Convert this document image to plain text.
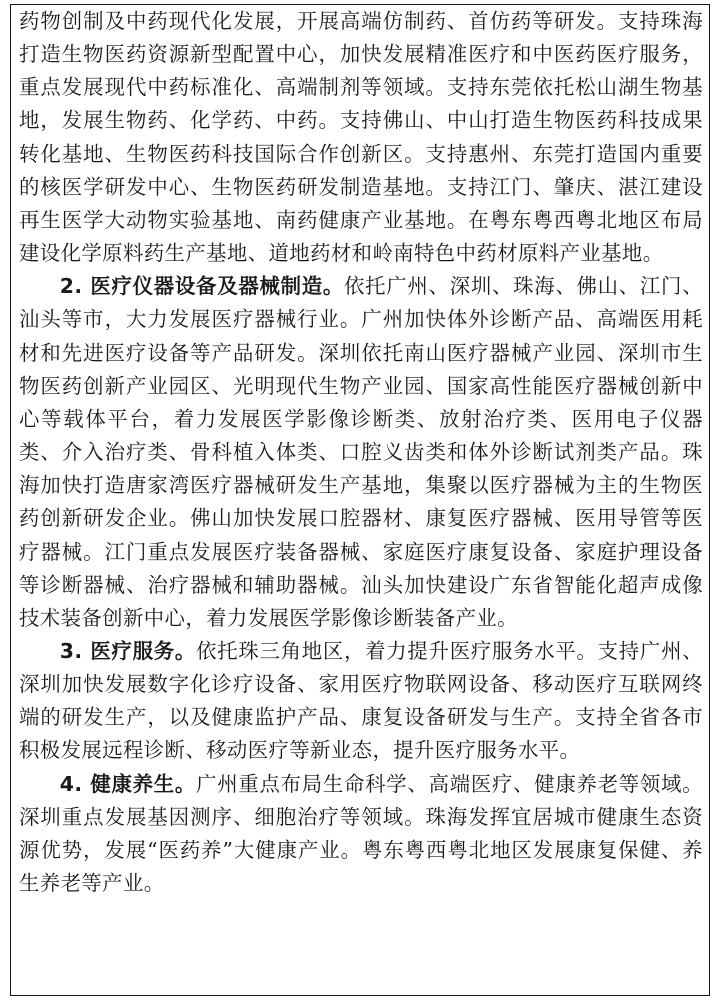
药物创制及中药现代化发展，开展高端仿制药、首仿药等研发。支持珠海打造生物医药资源新型配置中心，加快发展精准医疗和中医药医疗服务，重点发展现代中药标准化、高端制剂等领域。支持东莞依托松山湖生物基地，发展生物药、化学药、中药。支持佛山、中山打造生物医药科技成果转化基地、生物医药科技国际合作创新区。支持惠州、东莞打造国内重要的核医学研发中心、生物医药研发制造基地。支持江门、肇庆、湛江建设再生医学大动物实验基地、南药健康产业基地。在粤东粤西粤北地区布局建设化学原料药生产基地、道地药材和岭南特色中药材原料产业基地。

2. 医疗仪器设备及器械制造。依托广州、深圳、珠海、佛山、江门、汕头等市，大力发展医疗器械行业。广州加快体外诊断产品、高端医用耗材和先进医疗设备等产品研发。深圳依托南山医疗器械产业园、深圳市生物医药创新产业园区、光明现代生物产业园、国家高性能医疗器械创新中心等载体平台，着力发展医学影像诊断类、放射治疗类、医用电子仪器类、介入治疗类、骨科植入体类、口腔义齿类和体外诊断试剂类产品。珠海加快打造唐家湾医疗器械研发生产基地，集聚以医疗器械为主的生物医药创新研发企业。佛山加快发展口腔器材、康复医疗器械、医用导管等医疗器械。江门重点发展医疗装备器械、家庭医疗康复设备、家庭护理设备等诊断器械、治疗器械和辅助器械。汕头加快建设广东省智能化超声成像技术装备创新中心，着力发展医学影像诊断装备产业。

3. 医疗服务。依托珠三角地区，着力提升医疗服务水平。支持广州、深圳加快发展数字化诊疗设备、家用医疗物联网设备、移动医疗互联网终端的研发生产，以及健康监护产品、康复设备研发与生产。支持全省各市积极发展远程诊断、移动医疗等新业态，提升医疗服务水平。

4. 健康养生。广州重点布局生命科学、高端医疗、健康养老等领域。深圳重点发展基因测序、细胞治疗等领域。珠海发挥宜居城市健康生态资源优势，发展“医药养”大健康产业。粤东粤西粤北地区发展康复保健、养生养老等产业。
